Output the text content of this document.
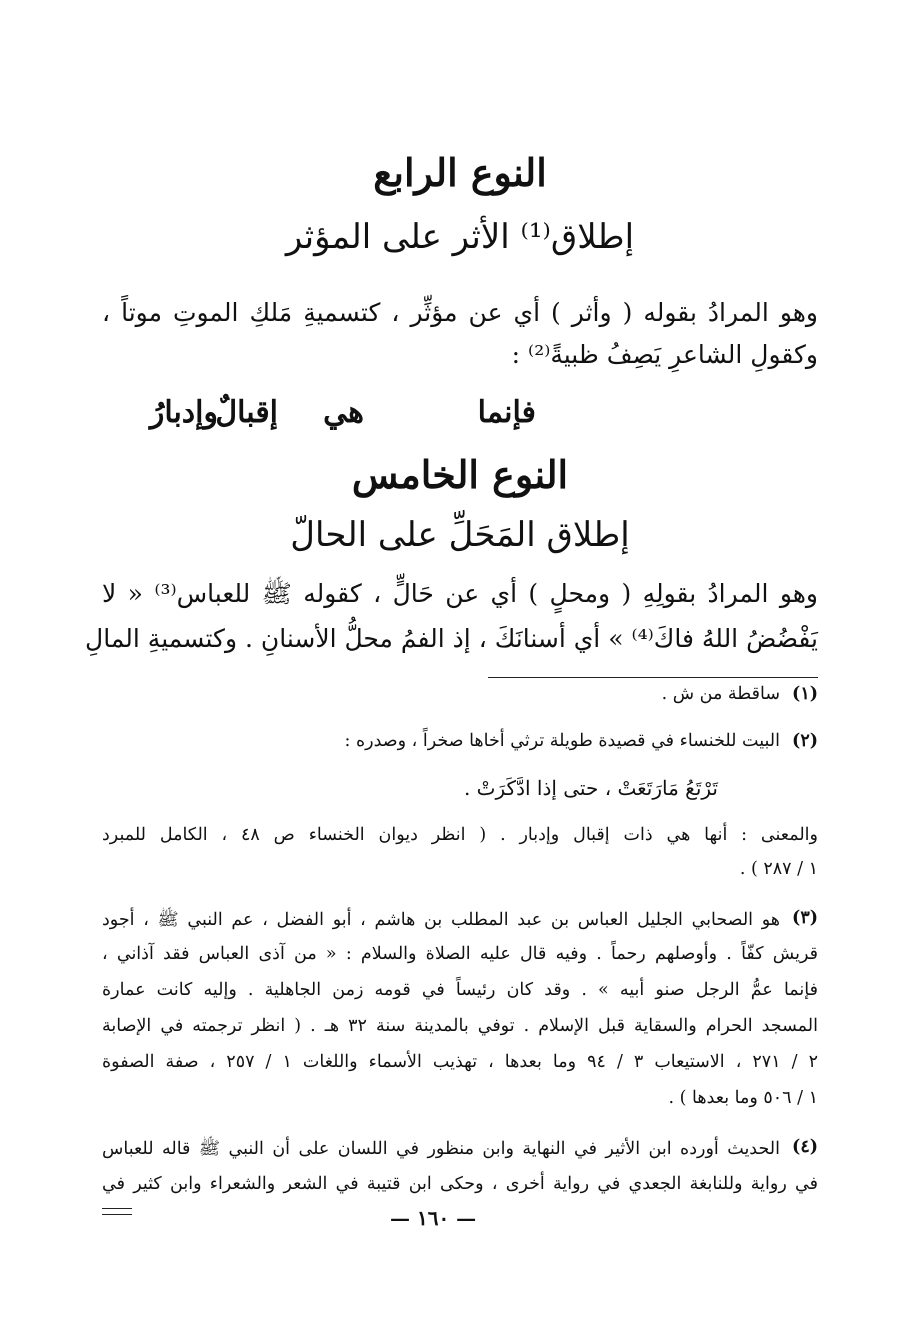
النوع الرابع
إطلاق⁽¹⁾ الأثر على المؤثر
وهو المرادُ بقوله ( وأثر ) أي عن مؤثِّر ، كتسميةِ مَلكِ الموتِ موتاً ،
وكقولِ الشاعرِ يَصِفُ ظبيةً⁽²⁾ :
فإنما
هي
إقبالٌ
وإدبارُ
النوع الخامس
إطلاق المَحَلِّ على الحالّ
وهو المرادُ بقولِهِ ( ومحلٍ ) أي عن حَالٍّ ، كقوله ﷺ للعباس⁽³⁾ « لا
يَفْضُضُ اللهُ فاكَ⁽⁴⁾ » أي أسنانَكَ ، إذ الفمُ محلُّ الأسنانِ . وكتسميةِ المالِ
(١)
ساقطة من ش .
(٢)
البيت للخنساء في قصيدة طويلة ترثي أخاها صخراً ، وصدره :
تَرْتَعُ مَارَتَعَتْ ، حتى إذا ادَّكَرَتْ .
والمعنى : أنها هي ذات إقبال وإدبار . ( انظر ديوان الخنساء ص ٤٨ ، الكامل للمبرد
١ / ٢٨٧ ) .
(٣)
هو الصحابي الجليل العباس بن عبد المطلب بن هاشم ، أبو الفضل ، عم النبي ﷺ ، أجود
قريش كفّاً . وأوصلهم رحماً . وفيه قال عليه الصلاة والسلام : « من آذى العباس فقد آذاني ،
فإنما عمُّ الرجل صنو أبيه » . وقد كان رئيساً في قومه زمن الجاهلية . وإليه كانت عمارة
المسجد الحرام والسقاية قبل الإسلام . توفي بالمدينة سنة ٣٢ هـ . ( انظر ترجمته في الإصابة
٢ / ٢٧١ ، الاستيعاب ٣ / ٩٤ وما بعدها ، تهذيب الأسماء واللغات ١ / ٢٥٧ ، صفة الصفوة
١ / ٥٠٦ وما بعدها ) .
(٤)
الحديث أورده ابن الأثير في النهاية وابن منظور في اللسان على أن النبي ﷺ قاله للعباس
في رواية وللنابغة الجعدي في رواية أخرى ، وحكى ابن قتيبة في الشعر والشعراء وابن كثير في
— ١٦٠ —
